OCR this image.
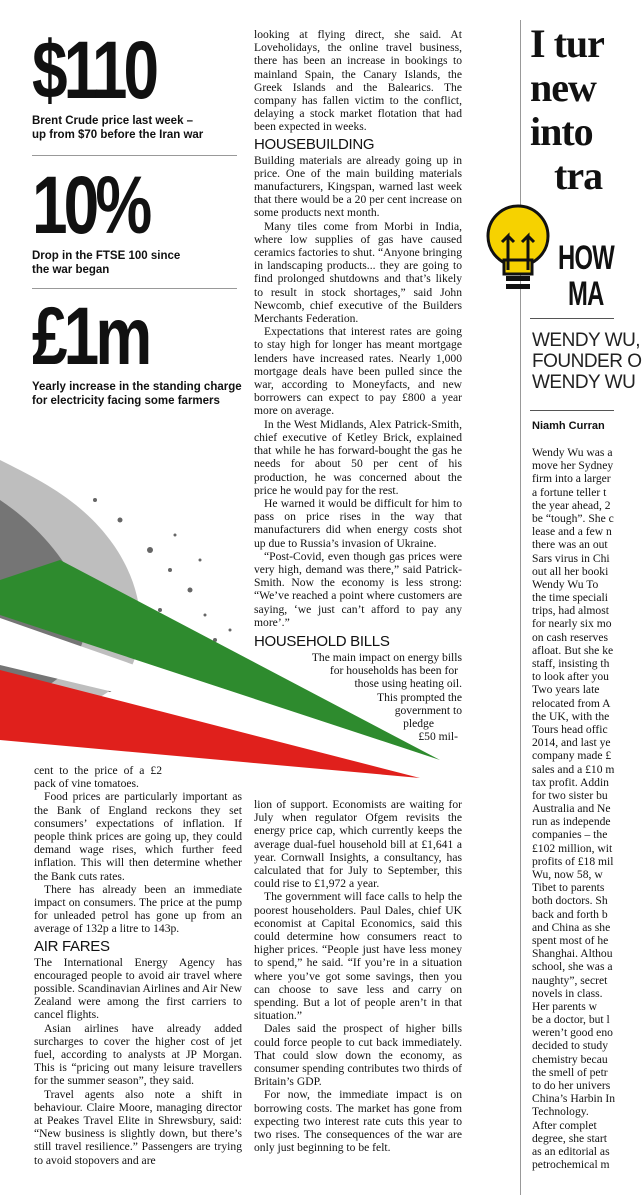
$110
Brent Crude price last week –
up from $70 before the Iran war
10%
Drop in the FTSE 100 since
the war began
£1m
Yearly increase in the standing charge
for electricity facing some farmers

looking at flying direct, she said. At Loveholidays, the online travel business, there has been an increase in bookings to mainland Spain, the Canary Islands, the Greek Islands and the Balearics. The company has fallen victim to the conflict, delaying a stock market flotation that had been expected in weeks.

HOUSEBUILDING

Building materials are already going up in price. One of the main building materials manufacturers, Kingspan, warned last week that there would be a 20 per cent increase on some products next month.

Many tiles come from Morbi in India, where low supplies of gas have caused ceramics factories to shut. “Anyone bringing in landscaping products... they are going to find prolonged shutdowns and that’s likely to result in stock shortages,” said John Newcomb, chief executive of the Builders Merchants Federation.

Expectations that interest rates are going to stay high for longer has meant mortgage lenders have increased rates. Nearly 1,000 mortgage deals have been pulled since the war, according to Moneyfacts, and new borrowers can expect to pay £800 a year more on average.

In the West Midlands, Alex Patrick-Smith, chief executive of Ketley Brick, explained that while he has forward-bought the gas he needs for about 50 per cent of his production, he was concerned about the price he would pay for the rest.

He warned it would be difficult for him to pass on price rises in the way that manufacturers did when energy costs shot up due to Russia’s invasion of Ukraine.

“Post-Covid, even though gas prices were very high, demand was there,” said Patrick-Smith. Now the economy is less strong: “We’ve reached a point where customers are saying, ‘we just can’t afford to pay any more’.”

HOUSEHOLD BILLS
The main impact on energy bills
for households has been for
those using heating oil.
This prompted the
government to
pledge
£50 mil-

cent to the price of a £2 pack of vine tomatoes.

Food prices are particularly important as the Bank of England reckons they set consumers’ expectations of inflation. If people think prices are going up, they could demand wage rises, which further feed inflation. This will then determine whether the Bank cuts rates.

There has already been an immediate impact on consumers. The price at the pump for unleaded petrol has gone up from an average of 132p a litre to 143p.

AIR FARES

The International Energy Agency has encouraged people to avoid air travel where possible. Scandinavian Airlines and Air New Zealand were among the first carriers to cancel flights.

Asian airlines have already added surcharges to cover the higher cost of jet fuel, according to analysts at JP Morgan. This is “pricing out many leisure travellers for the summer season”, they said.

Travel agents also note a shift in behaviour. Claire Moore, managing director at Peakes Travel Elite in Shrewsbury, said: “New business is slightly down, but there’s still travel resilience.” Passengers are trying to avoid stopovers and are

lion of support. Economists are waiting for July when regulator Ofgem revisits the energy price cap, which currently keeps the average dual-fuel household bill at £1,641 a year. Cornwall Insights, a consultancy, has calculated that for July to September, this could rise to £1,972 a year.

The government will face calls to help the poorest householders. Paul Dales, chief UK economist at Capital Economics, said this could determine how consumers react to higher prices. “People just have less money to spend,” he said. “If you’re in a situation where you’ve got some savings, then you can choose to save less and carry on spending. But a lot of people aren’t in that situation.”

Dales said the prospect of higher bills could force people to cut back immediately. That could slow down the economy, as consumer spending contributes two thirds of Britain’s GDP.

For now, the immediate impact is on borrowing costs. The market has gone from expecting two interest rate cuts this year to two rises. The consequences of the war are only just beginning to be felt.

I tur
new
into
tra
HOW
MA
WENDY WU,
FOUNDER O
WENDY WU
Niamh Curran
Wendy Wu was a
move her Sydney
firm into a larger
a fortune teller t
the year ahead, 2
be “tough”. She c
lease and a few n
there was an out
Sars virus in Chi
out all her booki
Wendy Wu To
the time speciali
trips, had almost
for nearly six mo
on cash reserves
afloat. But she ke
staff, insisting th
to look after you
Two years late
relocated from A
the UK, with the
Tours head offic
2014, and last ye
company made £
sales and a £10 m
tax profit. Addin
for two sister bu
Australia and Ne
run as independe
companies – the
£102 million, wit
profits of £18 mil
Wu, now 58, w
Tibet to parents
both doctors. Sh
back and forth b
and China as she
spent most of he
Shanghai. Althou
school, she was a
naughty”, secret
novels in class.
Her parents w
be a doctor, but l
weren’t good eno
decided to study
chemistry becau
the smell of petr
to do her univers
China’s Harbin In
Technology.
After complet
degree, she start
as an editorial as
petrochemical m
